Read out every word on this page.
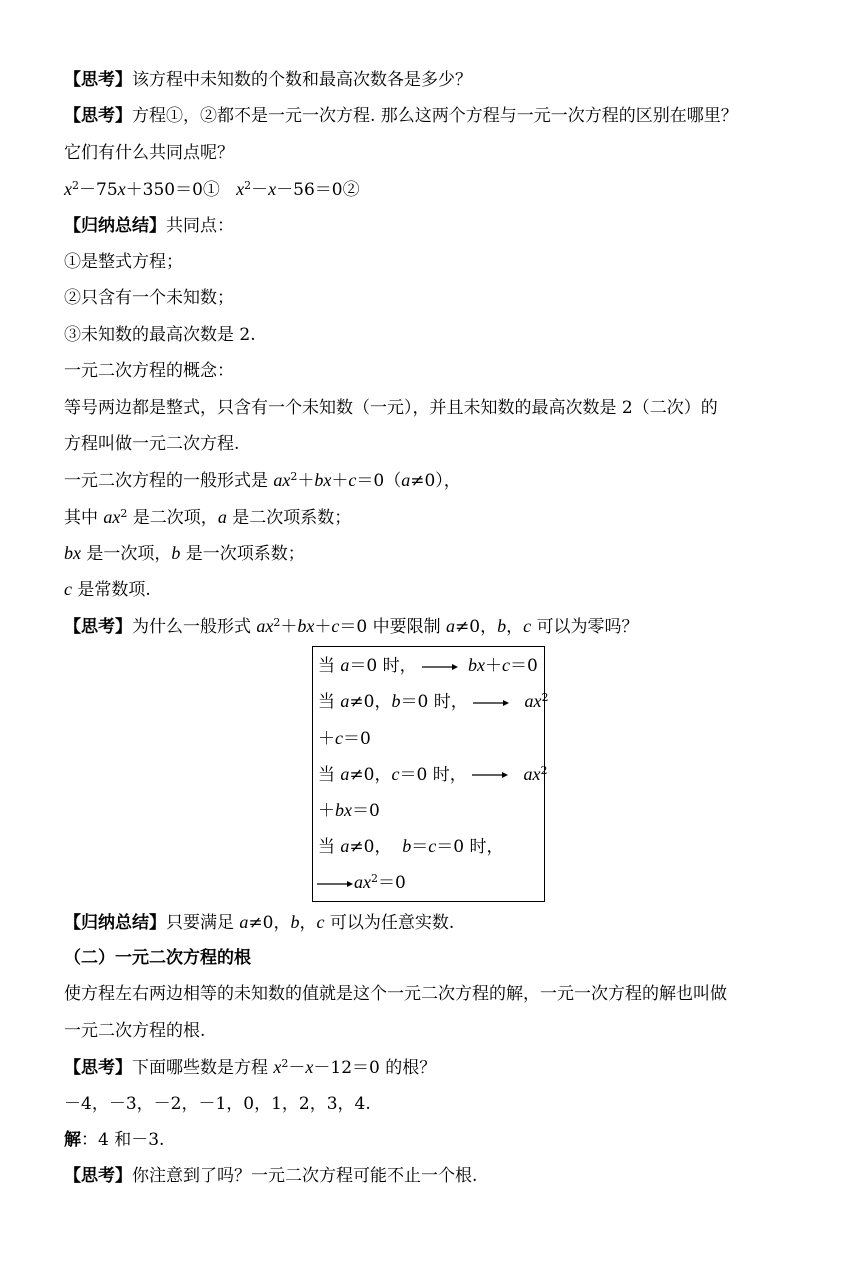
【思考】该方程中未知数的个数和最高次数各是多少？
【思考】方程①，②都不是一元一次方程. 那么这两个方程与一元一次方程的区别在哪里？
它们有什么共同点呢？
$x^2-75x+350=0①$ $x^2-x-56=0②$
【归纳总结】共同点：
①是整式方程；
②只含有一个未知数；
③未知数的最高次数是 2.
一元二次方程的概念：
等号两边都是整式，只含有一个未知数（一元），并且未知数的最高次数是 2（二次）的
方程叫做一元二次方程.
一元二次方程的一般形式是 $ax^2+bx+c=0(a\ne 0)$，
其中 $ax^2$ 是二次项，a 是二次项系数；
bx 是一次项，b 是一次项系数；
c 是常数项.
【思考】为什么一般形式 $ax^2+bx+c=0$ 中要限制 a≠0，b，c 可以为零吗？
当 a＝0 时，	bx＋c＝0
当 a≠0，b＝0 时，	$ax^2$
＋c＝0
当 a≠0，c＝0 时，	$ax^2$
＋bx＝0
当 a≠0，  b＝c＝0 时，
$ax^2=0$
【归纳总结】只要满足 a≠0，b，c 可以为任意实数.
（二）一元二次方程的根
使方程左右两边相等的未知数的值就是这个一元二次方程的解，一元一次方程的解也叫做
一元二次方程的根.
【思考】下面哪些数是方程 $x^2-x-12=0$ 的根？
－4，－3，－2，－1，0，1，2，3，4.
解：4 和－3.
【思考】你注意到了吗？一元二次方程可能不止一个根.
